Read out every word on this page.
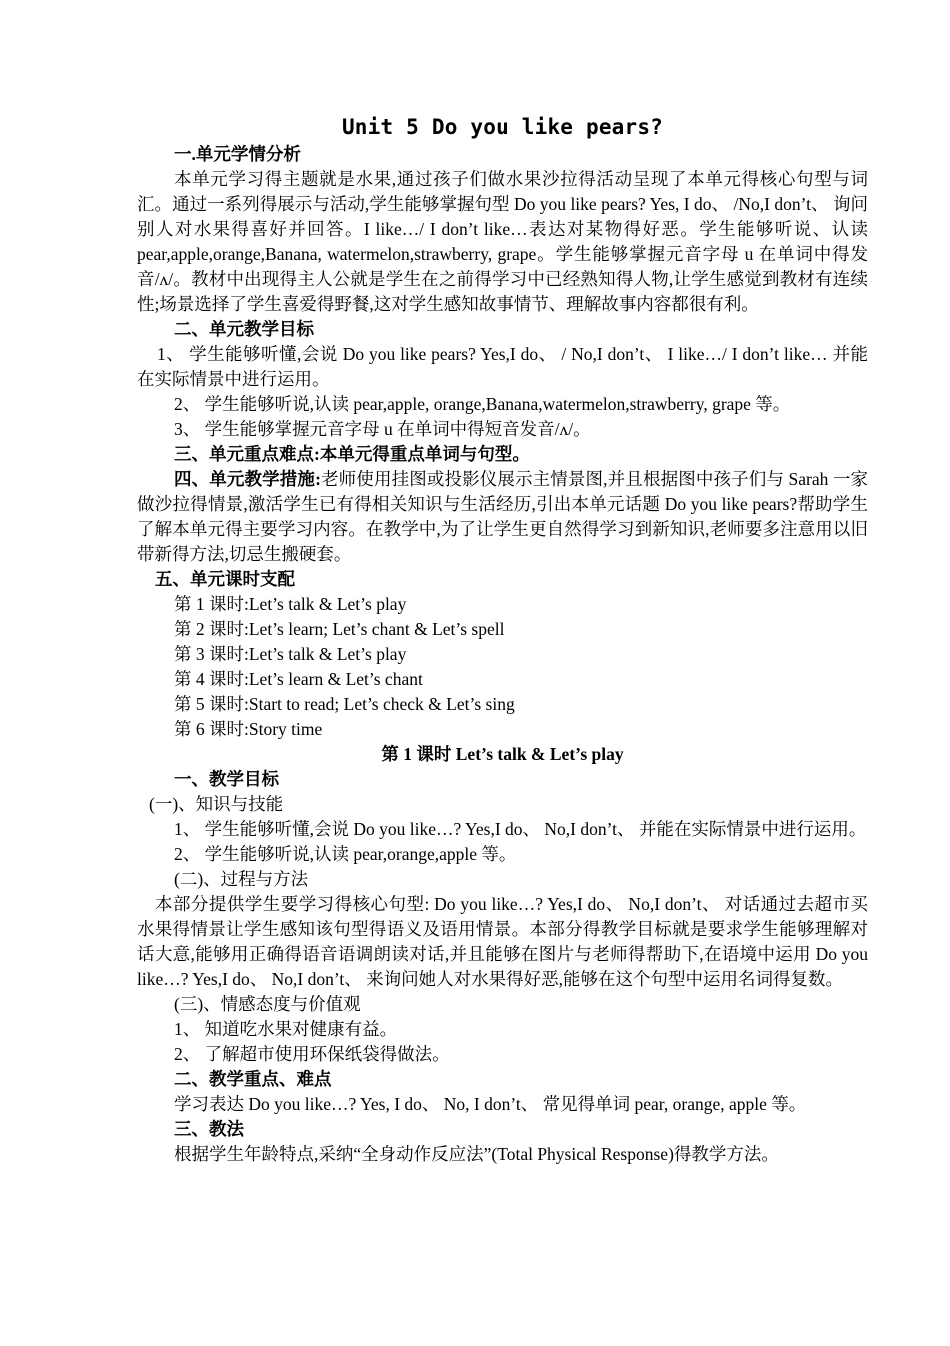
Unit 5 Do you like pears?

一.单元学情分析

本单元学习得主题就是水果,通过孩子们做水果沙拉得活动呈现了本单元得核心句型与词汇。通过一系列得展示与活动,学生能够掌握句型 Do you like pears? Yes, I do、 /No,I don’t、 询问别人对水果得喜好并回答。I like…/ I don’t like…表达对某物得好恶。学生能够听说、认读 pear,apple,orange,Banana, watermelon,strawberry, grape。学生能够掌握元音字母 u 在单词中得发音/ʌ/。教材中出现得主人公就是学生在之前得学习中已经熟知得人物,让学生感觉到教材有连续性;场景选择了学生喜爱得野餐,这对学生感知故事情节、理解故事内容都很有利。

二、单元教学目标

1、 学生能够听懂,会说 Do you like pears? Yes,I do、 / No,I don’t、 I like…/ I don’t like… 并能在实际情景中进行运用。

2、 学生能够听说,认读 pear,apple, orange,Banana,watermelon,strawberry, grape 等。

3、 学生能够掌握元音字母 u 在单词中得短音发音/ʌ/。

三、单元重点难点:本单元得重点单词与句型。

四、单元教学措施:老师使用挂图或投影仪展示主情景图,并且根据图中孩子们与 Sarah 一家做沙拉得情景,激活学生已有得相关知识与生活经历,引出本单元话题 Do you like pears?帮助学生了解本单元得主要学习内容。在教学中,为了让学生更自然得学习到新知识,老师要多注意用以旧带新得方法,切忌生搬硬套。

五、单元课时支配

第 1 课时:Let’s talk & Let’s play

第 2 课时:Let’s learn; Let’s chant & Let’s spell

第 3 课时:Let’s talk & Let’s play

第 4 课时:Let’s learn & Let’s chant

第 5 课时:Start to read; Let’s check & Let’s sing

第 6 课时:Story time

第 1 课时 Let’s talk & Let’s play

一、教学目标

(一)、知识与技能

1、 学生能够听懂,会说 Do you like…? Yes,I do、 No,I don’t、 并能在实际情景中进行运用。

2、 学生能够听说,认读 pear,orange,apple 等。

(二)、过程与方法

本部分提供学生要学习得核心句型: Do you like…? Yes,I do、 No,I don’t、 对话通过去超市买水果得情景让学生感知该句型得语义及语用情景。本部分得教学目标就是要求学生能够理解对话大意,能够用正确得语音语调朗读对话,并且能够在图片与老师得帮助下,在语境中运用 Do you like…? Yes,I do、 No,I don’t、 来询问她人对水果得好恶,能够在这个句型中运用名词得复数。

(三)、情感态度与价值观

1、 知道吃水果对健康有益。

2、 了解超市使用环保纸袋得做法。

二、教学重点、难点

学习表达 Do you like…? Yes, I do、 No, I don’t、 常见得单词 pear, orange, apple 等。

三、教法

根据学生年龄特点,采纳“全身动作反应法”(Total Physical Response)得教学方法。
